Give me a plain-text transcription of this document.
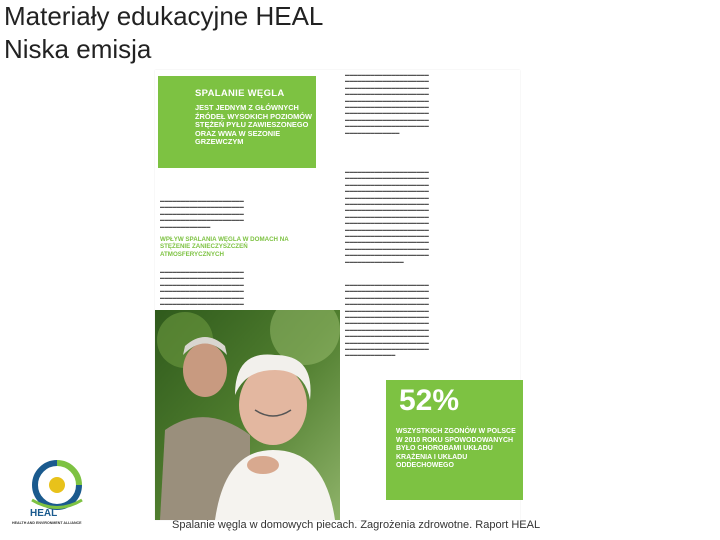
Materiały edukacyjne HEAL
Niska emisja
SPALANIE WĘGLA
JEST JEDNYM Z GŁÓWNYCH ŹRÓDEŁ WYSOKICH POZIOMÓW STĘŻEŃ PYŁU ZAWIESZONEGO ORAZ WWA W SEZONIE GRZEWCZYM
▬▬▬▬▬▬▬▬▬▬▬▬▬▬▬▬▬▬▬▬
▬▬▬▬▬▬▬▬▬▬▬▬▬▬▬▬▬▬▬▬
▬▬▬▬▬▬▬▬▬▬▬▬▬▬▬▬▬▬▬▬
▬▬▬▬▬▬▬▬▬▬▬▬▬▬▬▬▬▬▬▬
▬▬▬▬▬▬▬▬▬▬▬▬▬▬▬▬▬▬▬▬
▬▬▬▬▬▬▬▬▬▬▬▬▬▬▬▬▬▬▬▬
▬▬▬▬▬▬▬▬▬▬▬▬▬▬▬▬▬▬▬▬
▬▬▬▬▬▬▬▬▬▬▬▬▬▬▬▬▬▬▬▬
▬▬▬▬▬▬▬▬▬▬▬▬▬▬▬▬▬▬▬▬
▬▬▬▬▬▬▬▬▬▬▬▬▬
▬▬▬▬▬▬▬▬▬▬▬▬▬▬▬▬▬▬▬▬
▬▬▬▬▬▬▬▬▬▬▬▬▬▬▬▬▬▬▬▬
▬▬▬▬▬▬▬▬▬▬▬▬▬▬▬▬▬▬▬▬
▬▬▬▬▬▬▬▬▬▬▬▬▬▬▬▬▬▬▬▬
▬▬▬▬▬▬▬▬▬▬▬▬
WPŁYW SPALANIA WĘGLA W DOMACH NA STĘŻENIE ZANIECZYSZCZEŃ ATMOSFERYCZNYCH
▬▬▬▬▬▬▬▬▬▬▬▬▬▬▬▬▬▬▬▬
▬▬▬▬▬▬▬▬▬▬▬▬▬▬▬▬▬▬▬▬
▬▬▬▬▬▬▬▬▬▬▬▬▬▬▬▬▬▬▬▬
▬▬▬▬▬▬▬▬▬▬▬▬▬▬▬▬▬▬▬▬
▬▬▬▬▬▬▬▬▬▬▬▬▬▬▬▬▬▬▬▬
▬▬▬▬▬▬▬▬▬▬▬▬▬▬▬▬▬▬▬▬
▬▬▬▬▬▬▬▬▬▬▬▬▬▬▬▬▬▬▬▬
▬▬▬▬▬▬▬▬▬▬▬▬▬▬▬▬▬▬▬▬
▬▬▬▬▬▬▬▬▬▬▬▬▬▬▬▬▬▬▬▬
▬▬▬▬▬▬▬▬▬▬▬▬▬▬▬▬▬▬▬▬
▬▬▬▬▬▬▬▬▬▬▬▬▬▬▬▬▬▬▬▬
▬▬▬▬▬▬▬▬▬▬▬▬▬▬▬▬▬▬▬▬
▬▬▬▬▬▬▬▬▬▬▬▬▬▬▬▬▬▬▬▬
▬▬▬▬▬▬▬▬▬▬▬▬▬▬▬▬▬▬▬▬
▬▬▬▬▬▬▬▬▬▬▬▬▬▬▬▬▬▬▬▬
▬▬▬▬▬▬▬▬▬▬▬▬▬▬▬▬▬▬▬▬
▬▬▬▬▬▬▬▬▬▬▬▬▬▬▬▬▬▬▬▬
▬▬▬▬▬▬▬▬▬▬▬▬▬▬▬▬▬▬▬▬
▬▬▬▬▬▬▬▬▬▬▬▬▬▬▬▬▬▬▬▬
▬▬▬▬▬▬▬▬▬▬▬▬▬▬▬▬▬▬▬▬
▬▬▬▬▬▬▬▬▬▬▬▬▬▬
▬▬▬▬▬▬▬▬▬▬▬▬▬▬▬▬▬▬▬▬
▬▬▬▬▬▬▬▬▬▬▬▬▬▬▬▬▬▬▬▬
▬▬▬▬▬▬▬▬▬▬▬▬▬▬▬▬▬▬▬▬
▬▬▬▬▬▬▬▬▬▬▬▬▬▬▬▬▬▬▬▬
▬▬▬▬▬▬▬▬▬▬▬▬▬▬▬▬▬▬▬▬
▬▬▬▬▬▬▬▬▬▬▬▬▬▬▬▬▬▬▬▬
▬▬▬▬▬▬▬▬▬▬▬▬▬▬▬▬▬▬▬▬
▬▬▬▬▬▬▬▬▬▬▬▬▬▬▬▬▬▬▬▬
▬▬▬▬▬▬▬▬▬▬▬▬▬▬▬▬▬▬▬▬
▬▬▬▬▬▬▬▬▬▬▬▬▬▬▬▬▬▬▬▬
▬▬▬▬▬▬▬▬▬▬▬▬▬▬▬▬▬▬▬▬
▬▬▬▬▬▬▬▬▬▬▬▬
52%
WSZYSTKICH ZGONÓW W POLSCE W 2010 ROKU SPOWODOWANYCH BYŁO CHOROBAMI UKŁADU KRĄŻENIA I UKŁADU ODDECHOWEGO
HEAL
HEALTH AND ENVIRONMENT ALLIANCE	Spalanie węgla w domowych piecach. Zagrożenia zdrowotne. Raport HEAL
